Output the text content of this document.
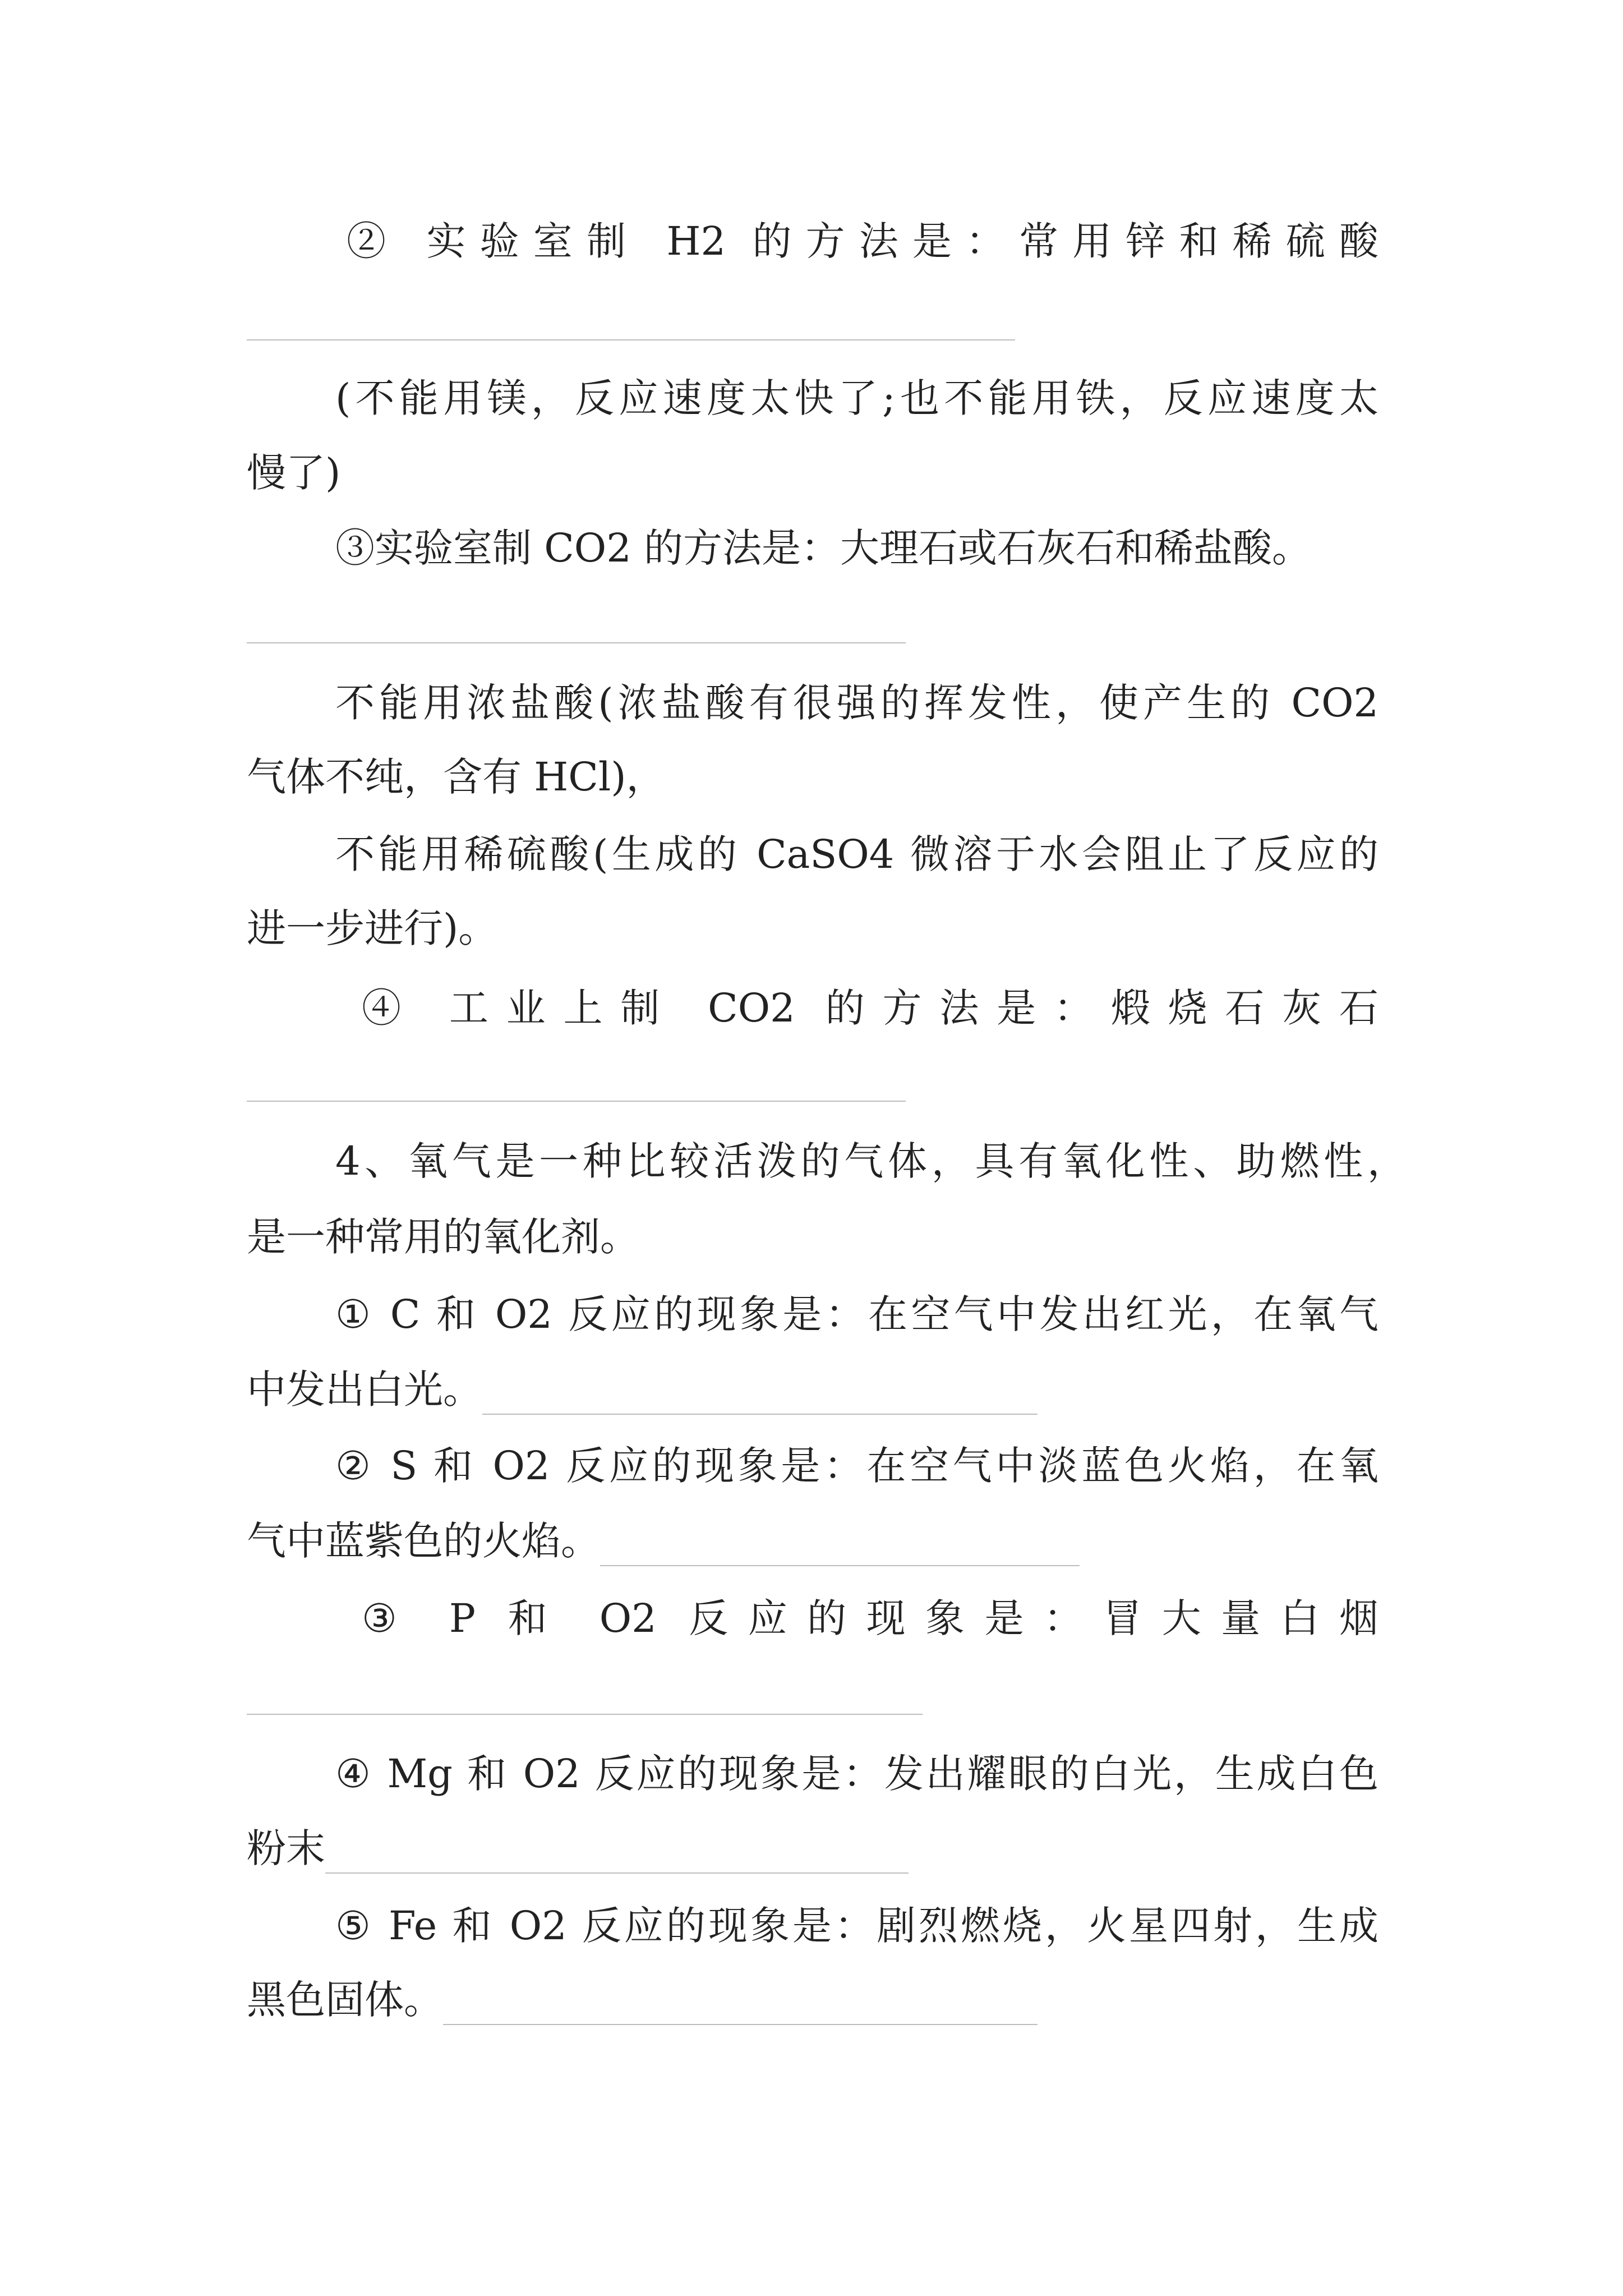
② 实验室制 H2 的方法是：常用锌和稀硫酸
(不能用镁，反应速度太快了;也不能用铁，反应速度太
慢了)
③实验室制 CO2 的方法是：大理石或石灰石和稀盐酸。
不能用浓盐酸(浓盐酸有很强的挥发性，使产生的 CO2
气体不纯，含有 HCl)，
不能用稀硫酸(生成的 CaSO4 微溶于水会阻止了反应的
进一步进行)。
④ 工业上制 CO2 的方法是：煅烧石灰石
4、氧气是一种比较活泼的气体，具有氧化性、助燃性，
是一种常用的氧化剂。
① C 和 O2 反应的现象是：在空气中发出红光，在氧气
中发出白光。
② S 和 O2 反应的现象是：在空气中淡蓝色火焰，在氧
气中蓝紫色的火焰。
③ P 和 O2 反应的现象是：冒大量白烟
④ Mg 和 O2 反应的现象是：发出耀眼的白光，生成白色
粉末
⑤ Fe 和 O2 反应的现象是：剧烈燃烧，火星四射，生成
黑色固体。
